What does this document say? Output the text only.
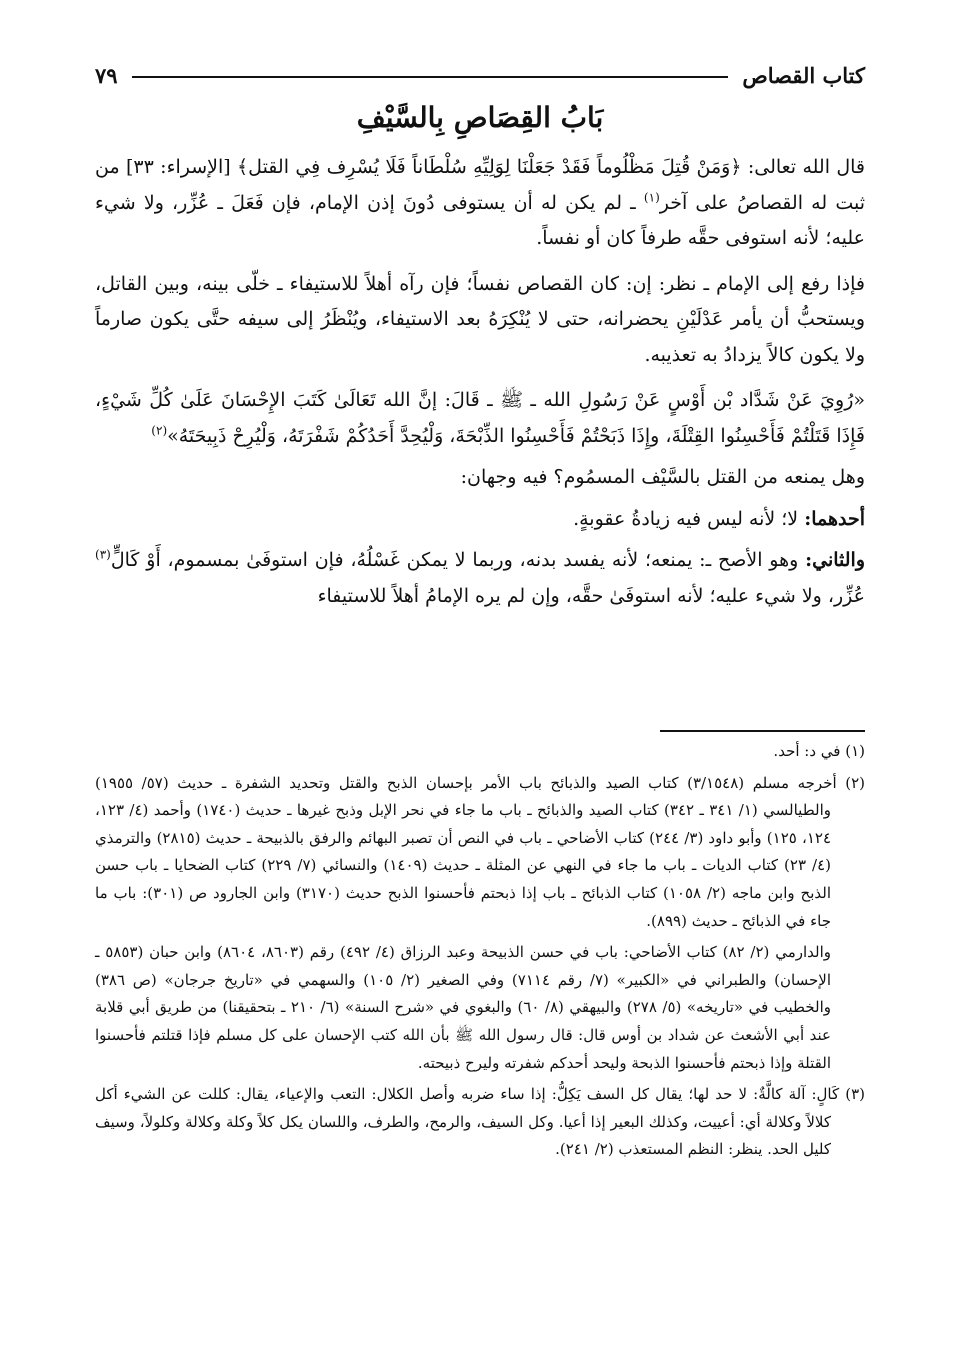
كتاب القصاص
٧٩
بَابُ القِصَاصِ بِالسَّيْفِ

قال الله تعالى: ﴿وَمَنْ قُتِلَ مَظْلُوماً فَقَدْ جَعَلْنَا لِوَلِيِّهِ سُلْطَاناً فَلَا يُسْرِف فِي القتل﴾ [الإسراء: ٣٣] من ثبت له القصاصُ على آخر$^{(١)}$ ـ لم يكن له أن يستوفى دُونَ إذن الإمام، فإن فَعَلَ ـ عُزِّر، ولا شيء عليه؛ لأنه استوفى حقَّه طرفاً كان أو نفساً.

فإذا رفع إلى الإمام ـ نظر: إن: كان القصاص نفساً؛ فإن رآه أهلاً للاستيفاء ـ خلّى بينه، وبين القاتل، ويستحبُّ أن يأمر عَدْلَيْنِ يحضرانه، حتى لا يُنْكِرَهُ بعد الاستيفاء، ويُنْظَرُ إلى سيفه حتَّى يكون صارماً ولا يكون كالاً يزدادُ به تعذيبه.

«رُوِيَ عَنْ شَدَّاد بْن أَوْسٍ عَنْ رَسُولِ الله ـ ﷺ ـ قَالَ: إنَّ الله تَعَالَىٰ كَتَبَ الإِحْسَانَ عَلَىٰ كُلِّ شَيْءٍ، فَإِذَا قَتَلْتُمْ فَأَحْسِنُوا القِتْلَةَ، وإِذَا ذَبَحْتُمْ فَأَحْسِنُوا الذِّبْحَةَ، وَلْيُحِدَّ أَحَدُكُمْ شَفْرَتَهُ، وَلْيُرِحْ ذَبِيحَتَهُ»$^{(٢)}$

وهل يمنعه من القتل بالسَّيْف المسمُوم؟ فيه وجهان:

أحدهما: لا؛ لأنه ليس فيه زيادةُ عقوبةٍ.

والثاني: وهو الأصح ـ: يمنعه؛ لأنه يفسد بدنه، وربما لا يمكن غَسْلُهُ، فإن استوفَىٰ بمسموم، أَوْ كَالٍّ$^{(٣)}$ عُزِّر، ولا شيء عليه؛ لأنه استوفَىٰ حقَّه، وإن لم يره الإمامُ أهلاً للاستيفاء

(١) في د: أحد.

(٢) أخرجه مسلم (٣/١٥٤٨) كتاب الصيد والذبائح باب الأمر بإحسان الذبح والقتل وتحديد الشفرة ـ حديث (٥٧/ ١٩٥٥) والطيالسي (١/ ٣٤١ ـ ٣٤٢) كتاب الصيد والذبائح ـ باب ما جاء في نحر الإبل وذبح غيرها ـ حديث (١٧٤٠) وأحمد (٤/ ١٢٣، ١٢٤، ١٢٥) وأبو داود (٣/ ٢٤٤) كتاب الأضاحي ـ باب في النص أن تصبر البهائم والرفق بالذبيحة ـ حديث (٢٨١٥) والترمذي (٤/ ٢٣) كتاب الديات ـ باب ما جاء في النهي عن المثلة ـ حديث (١٤٠٩) والنسائي (٧/ ٢٢٩) كتاب الضحايا ـ باب حسن الذبح وابن ماجه (٢/ ١٠٥٨) كتاب الذبائح ـ باب إذا ذبحتم فأحسنوا الذبح حديث (٣١٧٠) وابن الجارود ص (٣٠١): باب ما جاء في الذبائح ـ حديث (٨٩٩).

والدارمي (٢/ ٨٢) كتاب الأضاحي: باب في حسن الذبيحة وعبد الرزاق (٤/ ٤٩٢) رقم (٨٦٠٣، ٨٦٠٤) وابن حبان (٥٨٥٣ ـ الإحسان) والطبراني في «الكبير» (٧/ رقم ٧١١٤) وفي الصغير (٢/ ١٠٥) والسهمي في «تاريخ جرجان» (ص ٣٨٦) والخطيب في «تاريخه» (٥/ ٢٧٨) والبيهقي (٨/ ٦٠) والبغوي في «شرح السنة» (٦/ ٢١٠ ـ بتحقيقنا) من طريق أبي قلابة عند أبي الأشعث عن شداد بن أوس قال: قال رسول الله ﷺ بأن الله كتب الإحسان على كل مسلم فإذا قتلتم فأحسنوا القتلة وإذا ذبحتم فأحسنوا الذبحة وليحد أحدكم شفرته وليرح ذبيحته.

(٣) كَالٍ: آلة كالَّةٌ: لا حد لها؛ يقال كل السف يَكِلُّ: إذا ساء ضربه وأصل الكلال: التعب والإعياء، يقال: كللت عن الشيء أكل كلالاً وكلالة أي: أعييت، وكذلك البعير إذا أعيا. وكل السيف، والرمح، والطرف، واللسان يكل كلاً وكلة وكلالة وكلولاً، وسيف كليل الحد. ينظر: النظم المستعذب (٢/ ٢٤١).
